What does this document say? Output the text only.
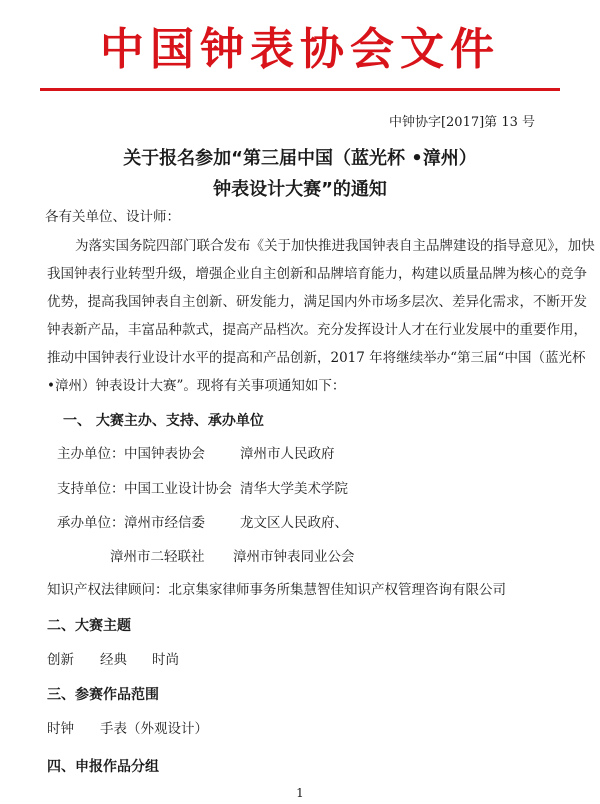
中国钟表协会文件
中钟协字[2017]第 13 号
关于报名参加“第三届中国（蓝光杯 •漳州）
钟表设计大赛”的通知
各有关单位、设计师：
为落实国务院四部门联合发布《关于加快推进我国钟表自主品牌建设的指导意见》，加快
我国钟表行业转型升级，增强企业自主创新和品牌培育能力，构建以质量品牌为核心的竞争
优势，提高我国钟表自主创新、研发能力，满足国内外市场多层次、差异化需求，不断开发
钟表新产品，丰富品种款式，提高产品档次。充分发挥设计人才在行业发展中的重要作用，
推动中国钟表行业设计水平的提高和产品创新，2017 年将继续举办“第三届“中国（蓝光杯
•漳州）钟表设计大赛”。现将有关事项通知如下：
一、 大赛主办、支持、承办单位
主办单位： 中国钟表协会	漳州市人民政府
支持单位： 中国工业设计协会 清华大学美术学院
承办单位： 漳州市经信委	龙文区人民政府、
漳州市二轻联社 漳州市钟表同业公会
知识产权法律顾问：北京集家律师事务所集慧智佳知识产权管理咨询有限公司
二、大赛主题
创新 经典 时尚
三、参赛作品范围
时钟 手表（外观设计）
四、申报作品分组
1
